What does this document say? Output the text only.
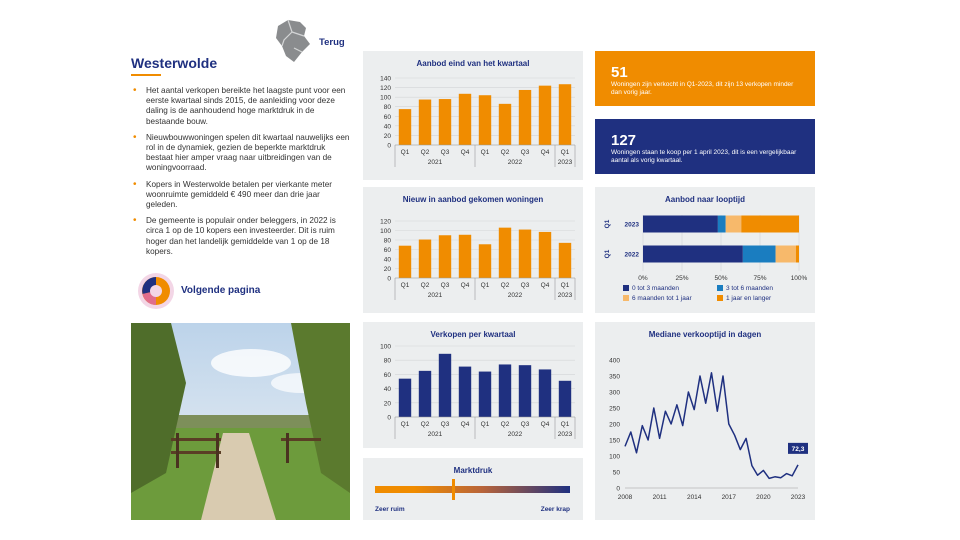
Terug
Westerwolde
• Het aantal verkopen bereikte het laagste punt voor een eerste kwartaal sinds 2015, de aanleiding voor deze daling is de aanhoudend hoge marktdruk in de bestaande bouw.
• Nieuwbouwwoningen spelen dit kwartaal nauwelijks een rol in de dynamiek, gezien de beperkte marktdruk bestaat hier amper vraag naar uitbreidingen van de woningvoorraad.
• Kopers in Westerwolde betalen per vierkante meter woonruimte gemiddeld € 490 meer dan drie jaar geleden.
• De gemeente is populair onder beleggers, in 2022 is circa 1 op de 10 kopers een investeerder. Dit is ruim hoger dan het landelijk gemiddelde van 1 op de 18 kopers.
Volgende pagina
Aanbod eind van het kwartaal
0
20
40
60
80
100
120
140
Q1 Q2 Q3 Q4 Q1 Q2 Q3 Q4 Q1
2021	2022	2023
Nieuw in aanbod gekomen woningen
0
20
40
60
80
100
120
Q1 Q2 Q3 Q4 Q1 Q2 Q3 Q4 Q1
2021	2022	2023
Verkopen per kwartaal
0
20
40
60
80
100
Q1 Q2 Q3 Q4 Q1 Q2 Q3 Q4 Q1
2021	2022	2023
Marktdruk
Zeer ruim	Zeer krap
51
Woningen zijn verkocht in Q1-2023, dit zijn 13 verkopen minder dan vorig jaar.
127
Woningen staan te koop per 1 april 2023, dit is een vergelijkbaar aantal als vorig kwartaal.
Aanbod naar looptijd
0%	25%	50%	75%	100%
2023
Q1
2022
Q1
0 tot 3 maanden	3 tot 6 maanden
6 maanden tot 1 jaar	1 jaar en langer
Mediane verkooptijd in dagen
0
50
100
150
200
250
300
350
400
2008	2011	2014	2017	2020	2023
72,3
